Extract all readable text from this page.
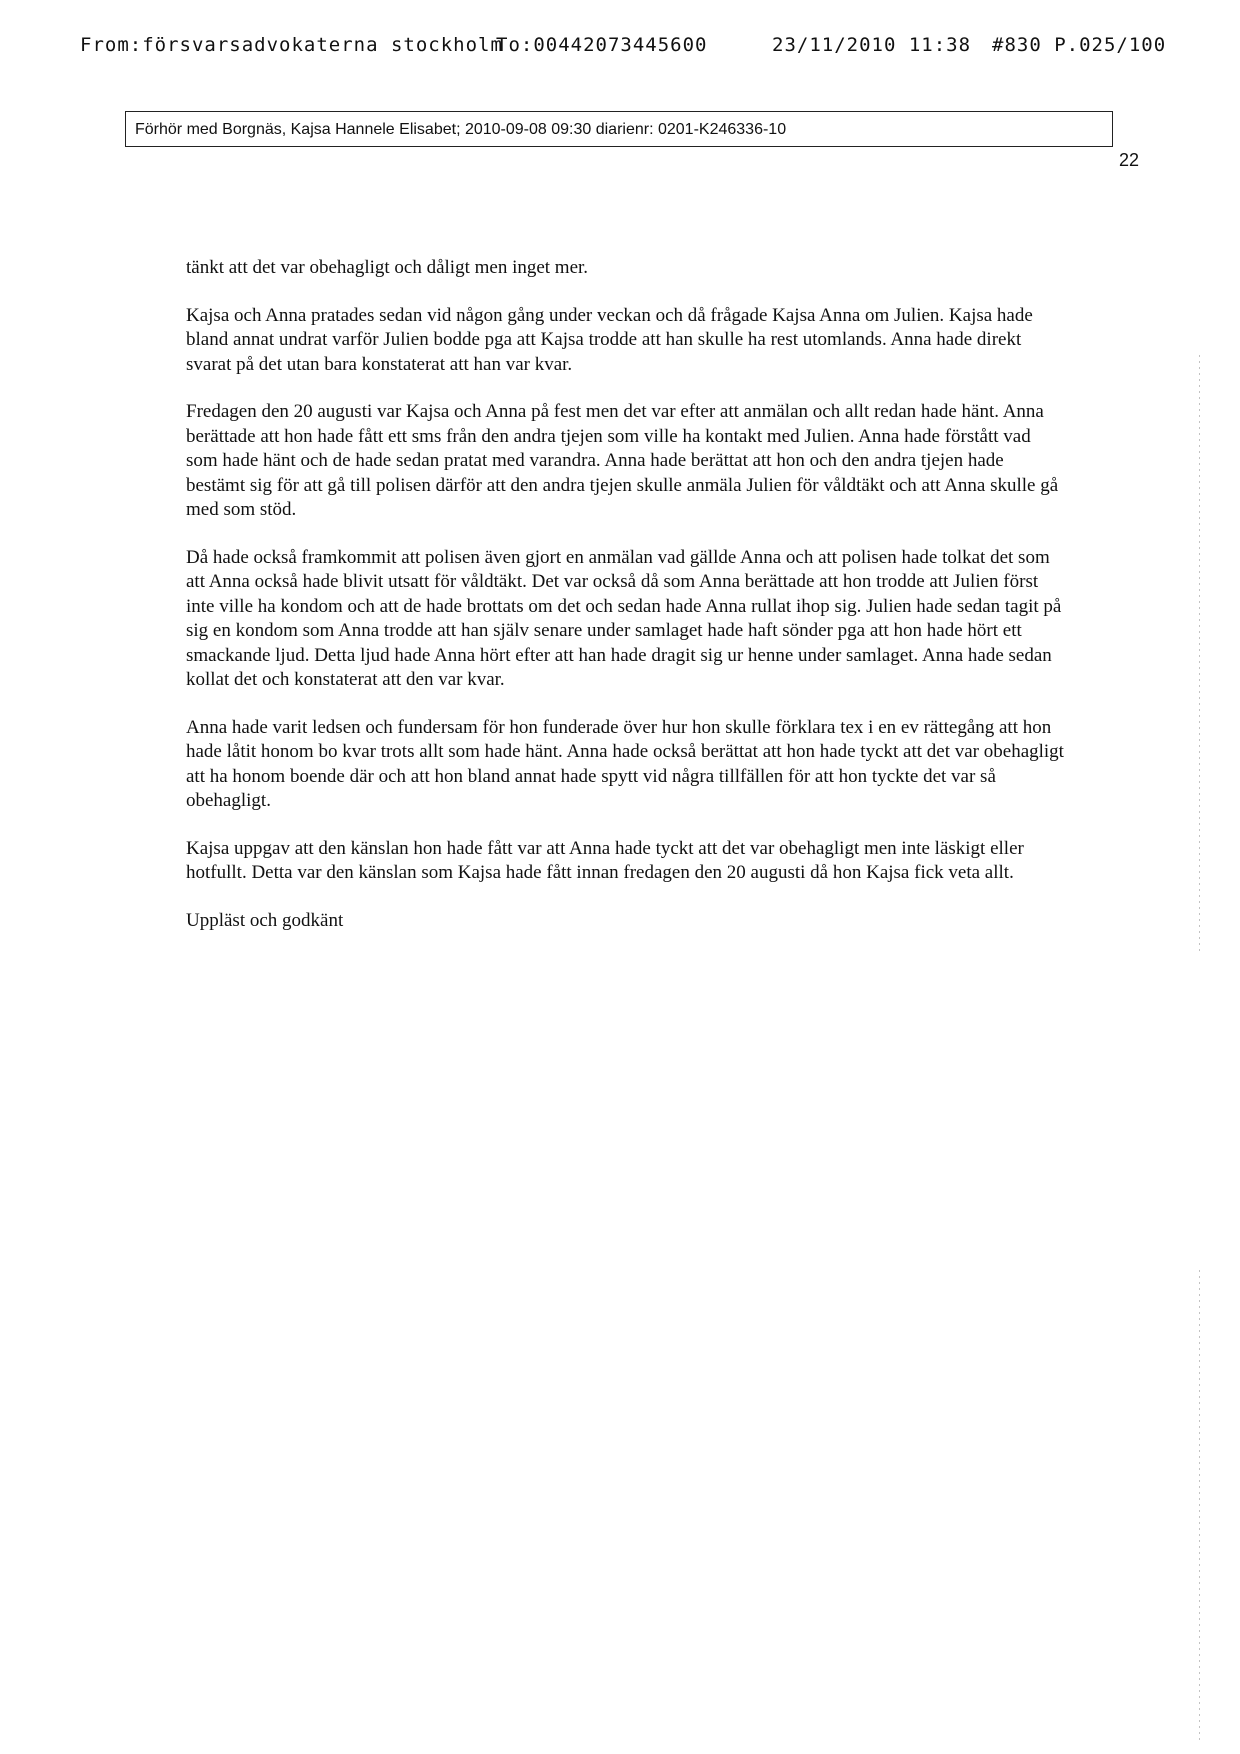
From:försvarsadvokaterna stockholm
To:00442073445600	23/11/2010 11:38 #830 P.025/100
Förhör med Borgnäs, Kajsa Hannele Elisabet; 2010-09-08 09:30 diarienr: 0201-K246336-10
22

tänkt att det var obehagligt och dåligt men inget mer.

Kajsa och Anna pratades sedan vid någon gång under veckan och då frågade Kajsa Anna om Julien. Kajsa hade bland annat undrat varför Julien bodde pga att Kajsa trodde att han skulle ha rest utomlands. Anna hade direkt svarat på det utan bara konstaterat att han var kvar.

Fredagen den 20 augusti var Kajsa och Anna på fest men det var efter att anmälan och allt redan hade hänt. Anna berättade att hon hade fått ett sms från den andra tjejen som ville ha kontakt med Julien. Anna hade förstått vad som hade hänt och de hade sedan pratat med varandra. Anna hade berättat att hon och den andra tjejen hade bestämt sig för att gå till polisen därför att den andra tjejen skulle anmäla Julien för våldtäkt och att Anna skulle gå med som stöd.

Då hade också framkommit att polisen även gjort en anmälan vad gällde Anna och att polisen hade tolkat det som att Anna också hade blivit utsatt för våldtäkt. Det var också då som Anna berättade att hon trodde att Julien först inte ville ha kondom och att de hade brottats om det och sedan hade Anna rullat ihop sig. Julien hade sedan tagit på sig en kondom som Anna trodde att han själv senare under samlaget hade haft sönder pga att hon hade hört ett smackande ljud. Detta ljud hade Anna hört efter att han hade dragit sig ur henne under samlaget. Anna hade sedan kollat det och konstaterat att den var kvar.

Anna hade varit ledsen och fundersam för hon funderade över hur hon skulle förklara tex i en ev rättegång att hon hade låtit honom bo kvar trots allt som hade hänt. Anna hade också berättat att hon hade tyckt att det var obehagligt att ha honom boende där och att hon bland annat hade spytt vid några tillfällen för att hon tyckte det var så obehagligt.

Kajsa uppgav att den känslan hon hade fått var att Anna hade tyckt att det var obehagligt men inte läskigt eller hotfullt. Detta var den känslan som Kajsa hade fått innan fredagen den 20 augusti då hon Kajsa fick veta allt.

Uppläst och godkänt
